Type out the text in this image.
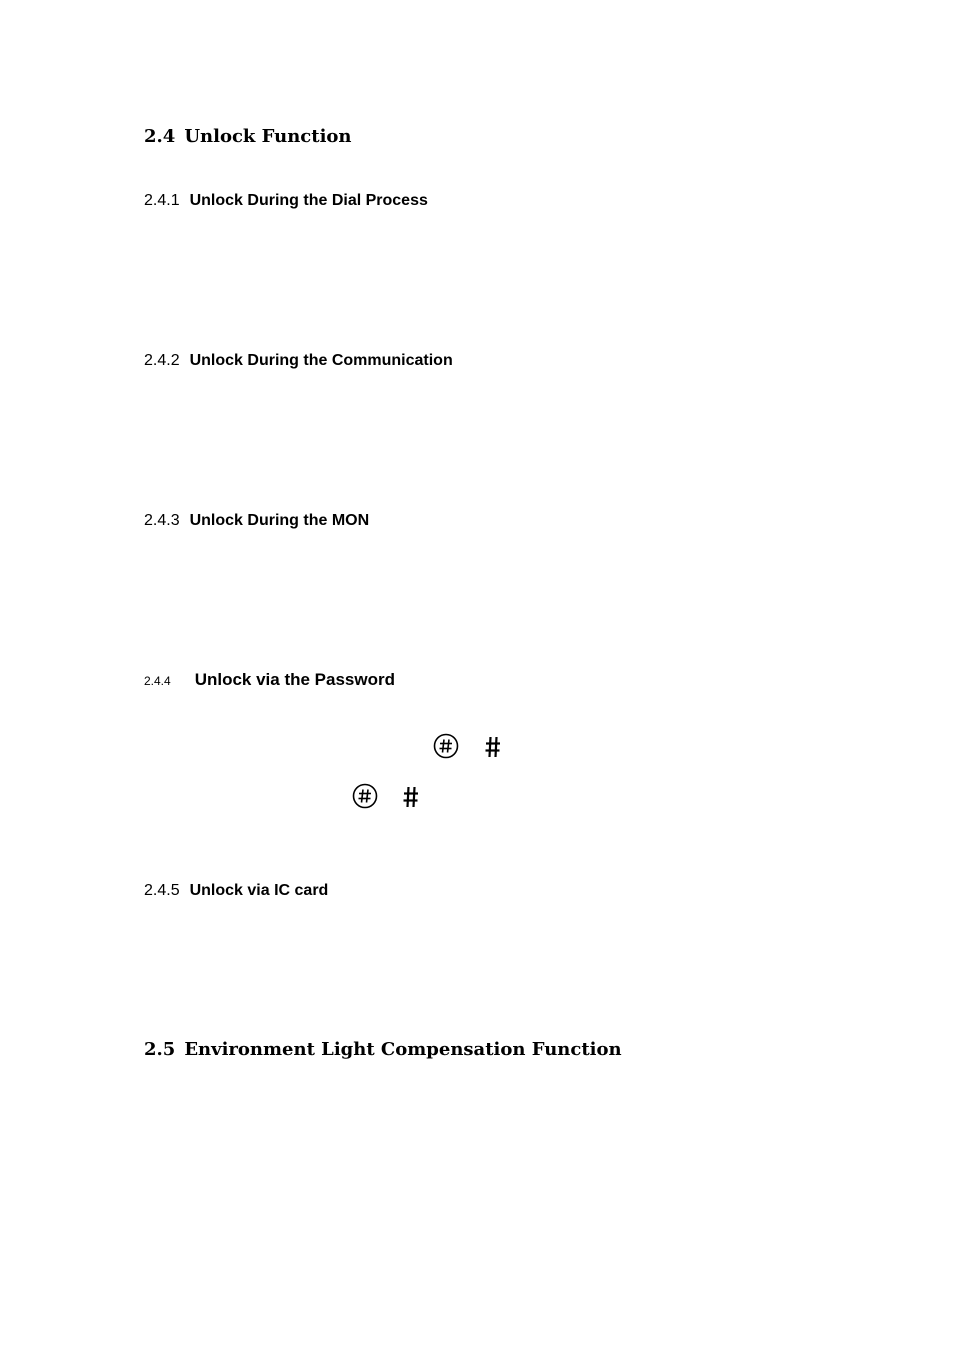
2.4 Unlock Function
2.4.1 Unlock During the Dial Process
2.4.2 Unlock During the Communication
2.4.3 Unlock During the MON
2.4.4 Unlock via the Password
2.4.5 Unlock via IC card
2.5 Environment Light Compensation Function
